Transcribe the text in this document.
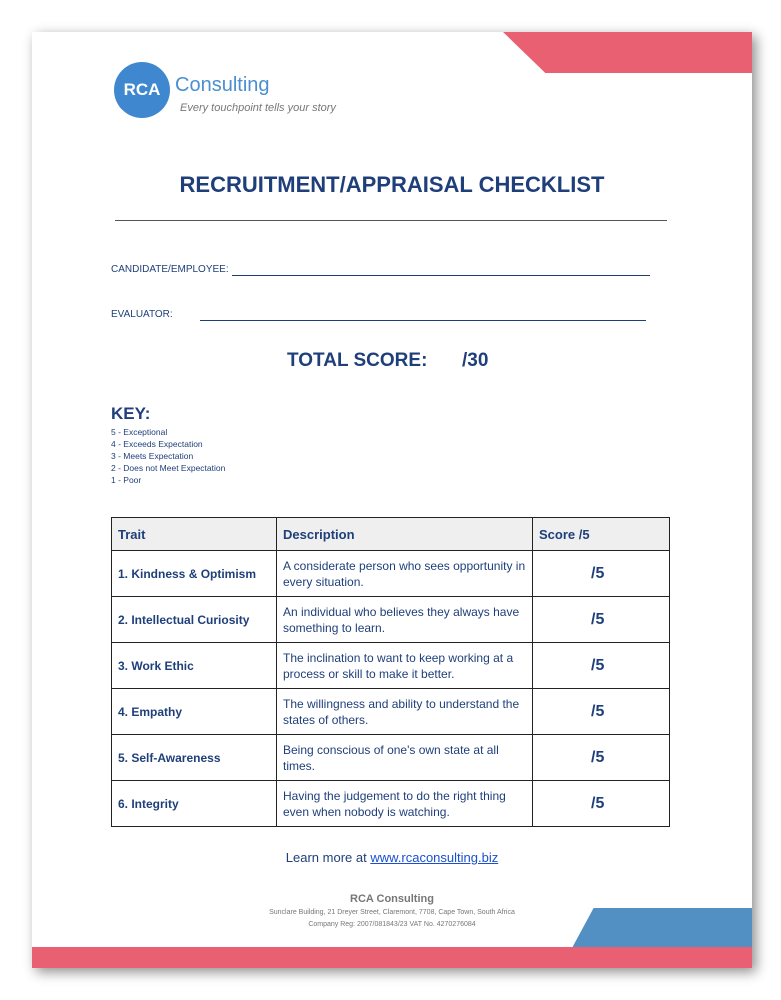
RCA Consulting
Every touchpoint tells your story
RECRUITMENT/APPRAISAL CHECKLIST
CANDIDATE/EMPLOYEE:
EVALUATOR:
TOTAL SCORE: /30
KEY:
5 - Exceptional
4 - Exceeds Expectation
3 - Meets Expectation
2 - Does not Meet Expectation
1 - Poor
Trait	Description	Score /5
1. Kindness & Optimism	A considerate person who sees opportunity in every situation.	/5
2. Intellectual Curiosity	An individual who believes they always have something to learn.	/5
3. Work Ethic	The inclination to want to keep working at a process or skill to make it better.	/5
4. Empathy	The willingness and ability to understand the states of others.	/5
5. Self-Awareness	Being conscious of one's own state at all times.	/5
6. Integrity	Having the judgement to do the right thing even when nobody is watching.	/5
Learn more at www.rcaconsulting.biz
RCA Consulting
Sunclare Building, 21 Dreyer Street, Claremont, 7708, Cape Town, South Africa
Company Reg: 2007/081843/23 VAT No. 4270276084
